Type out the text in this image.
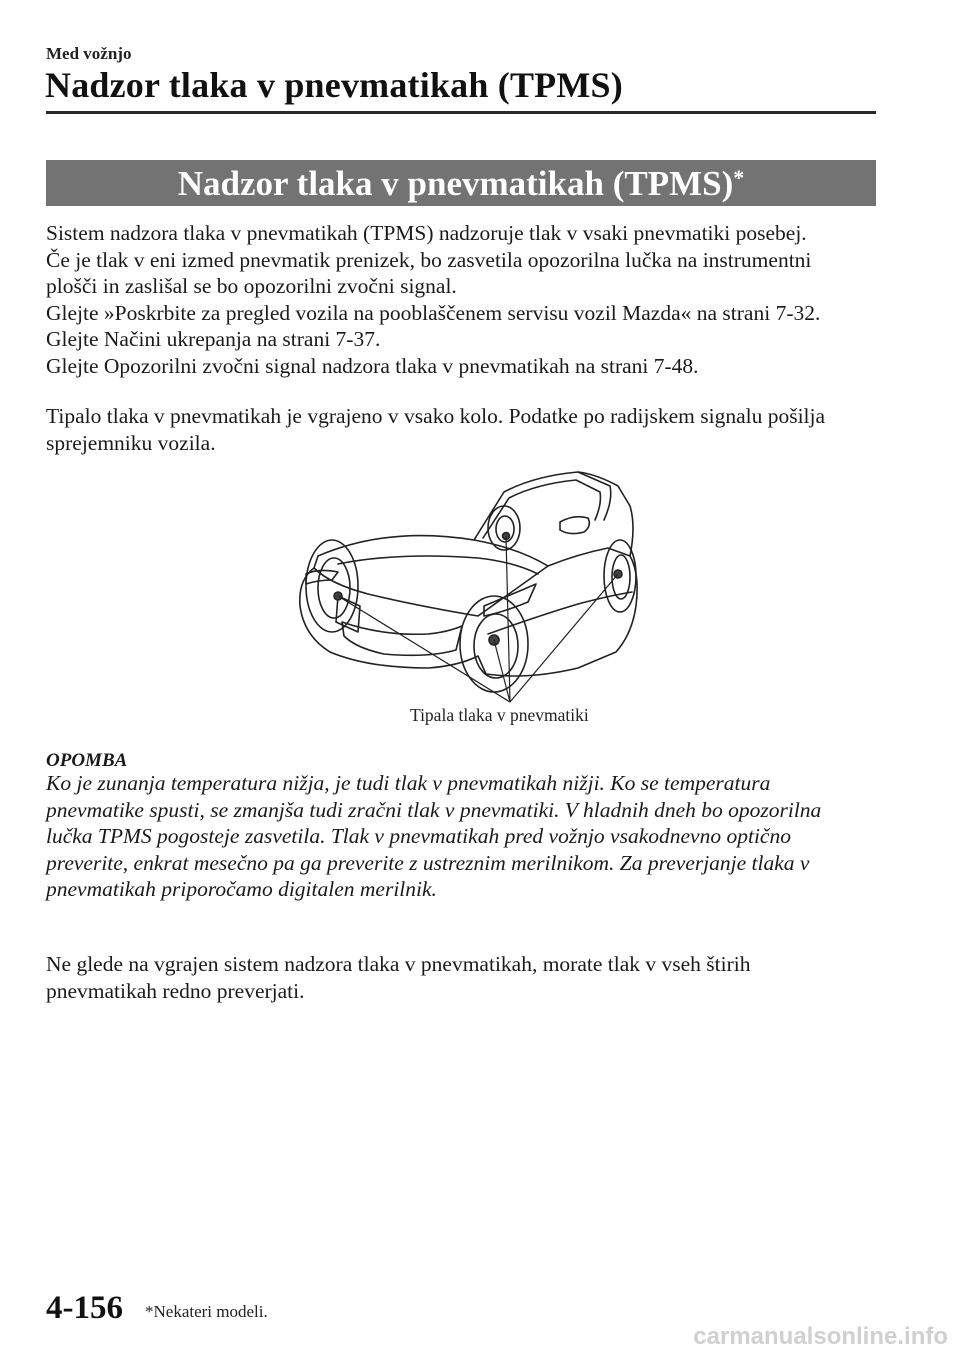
Med vožnjo
Nadzor tlaka v pnevmatikah (TPMS)
Nadzor tlaka v pnevmatikah (TPMS)*

Sistem nadzora tlaka v pnevmatikah (TPMS) nadzoruje tlak v vsaki pnevmatiki posebej.

Če je tlak v eni izmed pnevmatik prenizek, bo zasvetila opozorilna lučka na instrumentni

plošči in zaslišal se bo opozorilni zvočni signal.

Glejte »Poskrbite za pregled vozila na pooblaščenem servisu vozil Mazda« na strani 7-32.

Glejte Načini ukrepanja na strani 7-37.

Glejte Opozorilni zvočni signal nadzora tlaka v pnevmatikah na strani 7-48.

Tipalo tlaka v pnevmatikah je vgrajeno v vsako kolo. Podatke po radijskem signalu pošilja

sprejemniku vozila.

Tipala tlaka v pnevmatiki
OPOMBA

Ko je zunanja temperatura nižja, je tudi tlak v pnevmatikah nižji. Ko se temperatura

pnevmatike spusti, se zmanjša tudi zračni tlak v pnevmatiki. V hladnih dneh bo opozorilna

lučka TPMS pogosteje zasvetila. Tlak v pnevmatikah pred vožnjo vsakodnevno optično

preverite, enkrat mesečno pa ga preverite z ustreznim merilnikom. Za preverjanje tlaka v

pnevmatikah priporočamo digitalen merilnik.

Ne glede na vgrajen sistem nadzora tlaka v pnevmatikah, morate tlak v vseh štirih

pnevmatikah redno preverjati.

4-156 *Nekateri modeli.
carmanualsonline.info
